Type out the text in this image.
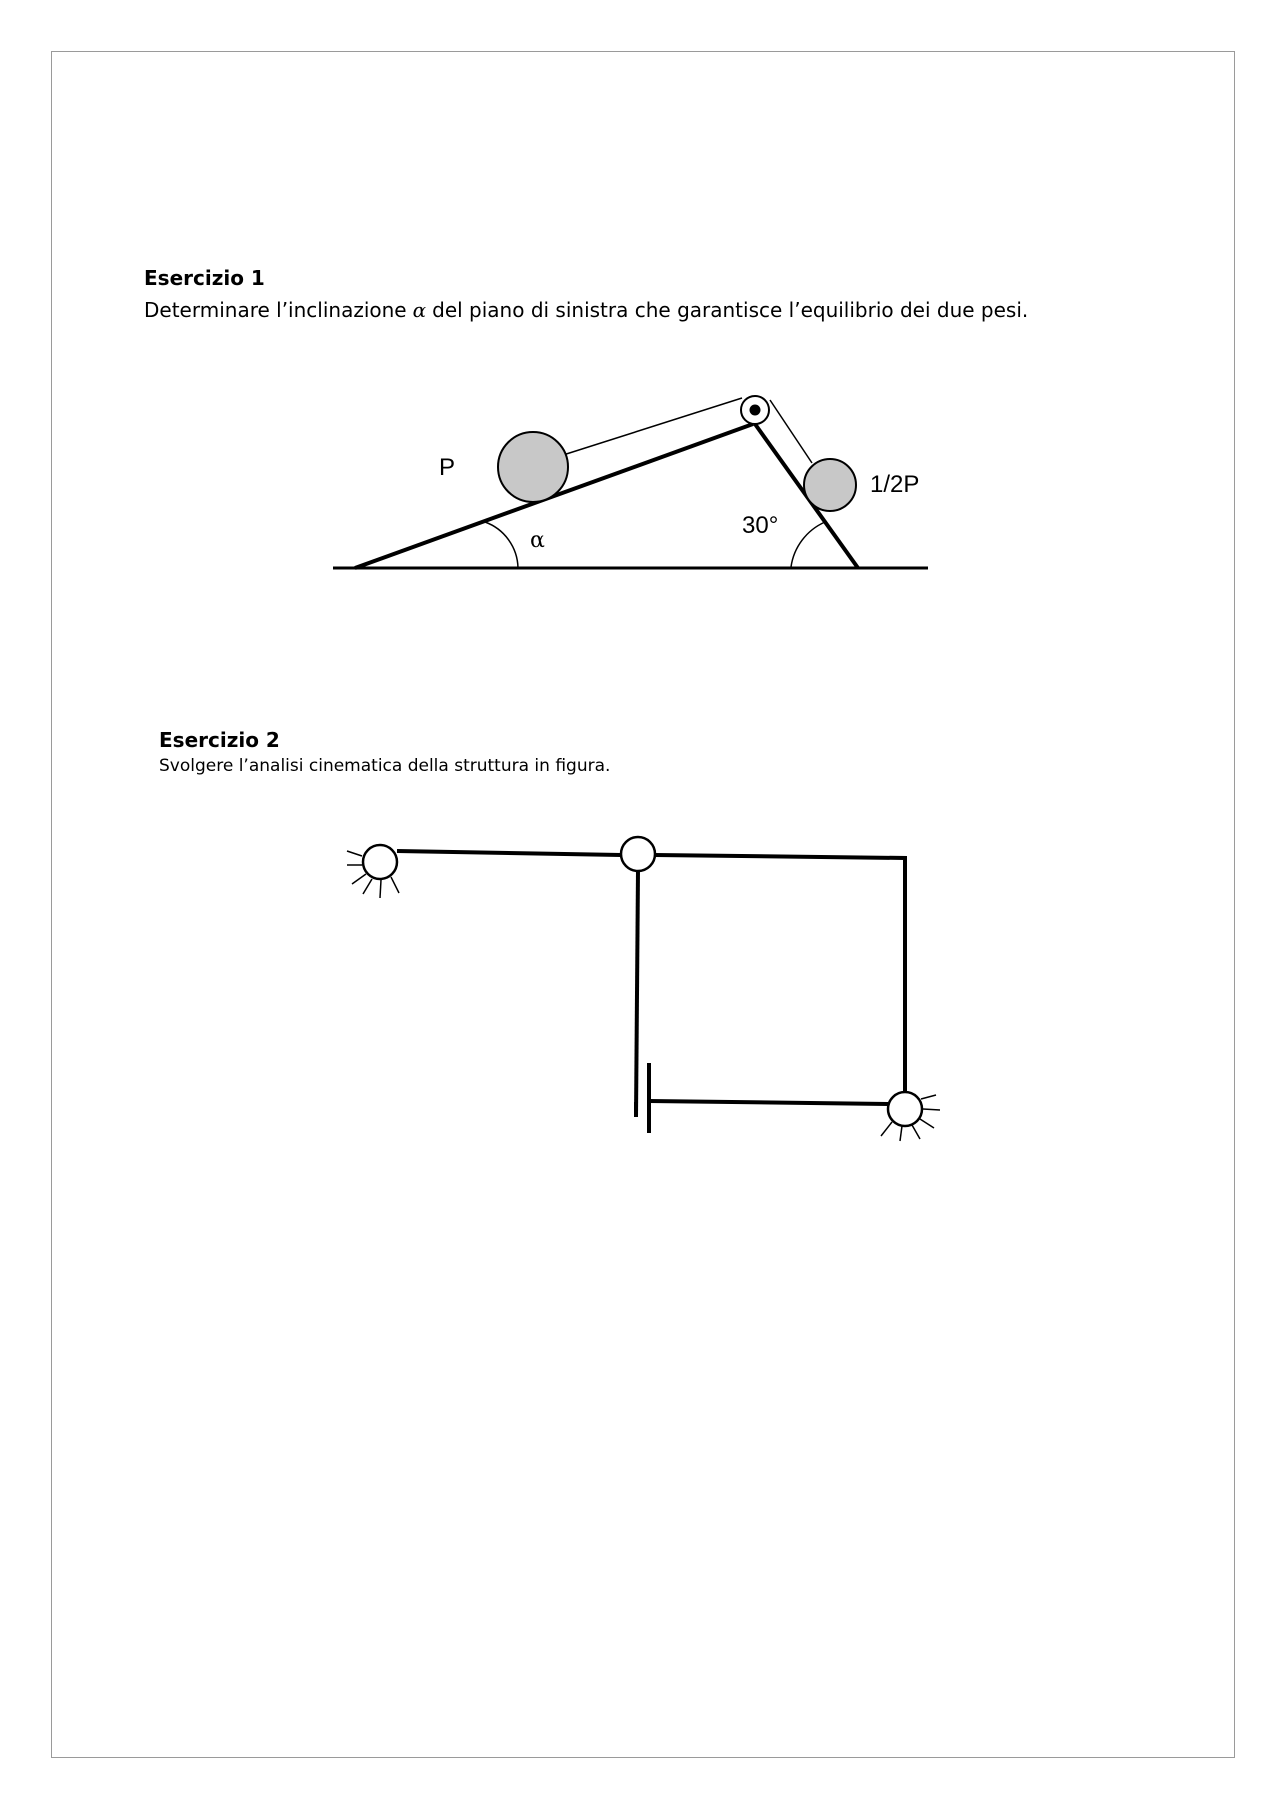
Esercizio 1
Determinare l’inclinazione α del piano di sinistra che garantisce l’equilibrio dei due pesi.
P
1/2P
α
30°
Esercizio 2
Svolgere l’analisi cinematica della struttura in figura.
